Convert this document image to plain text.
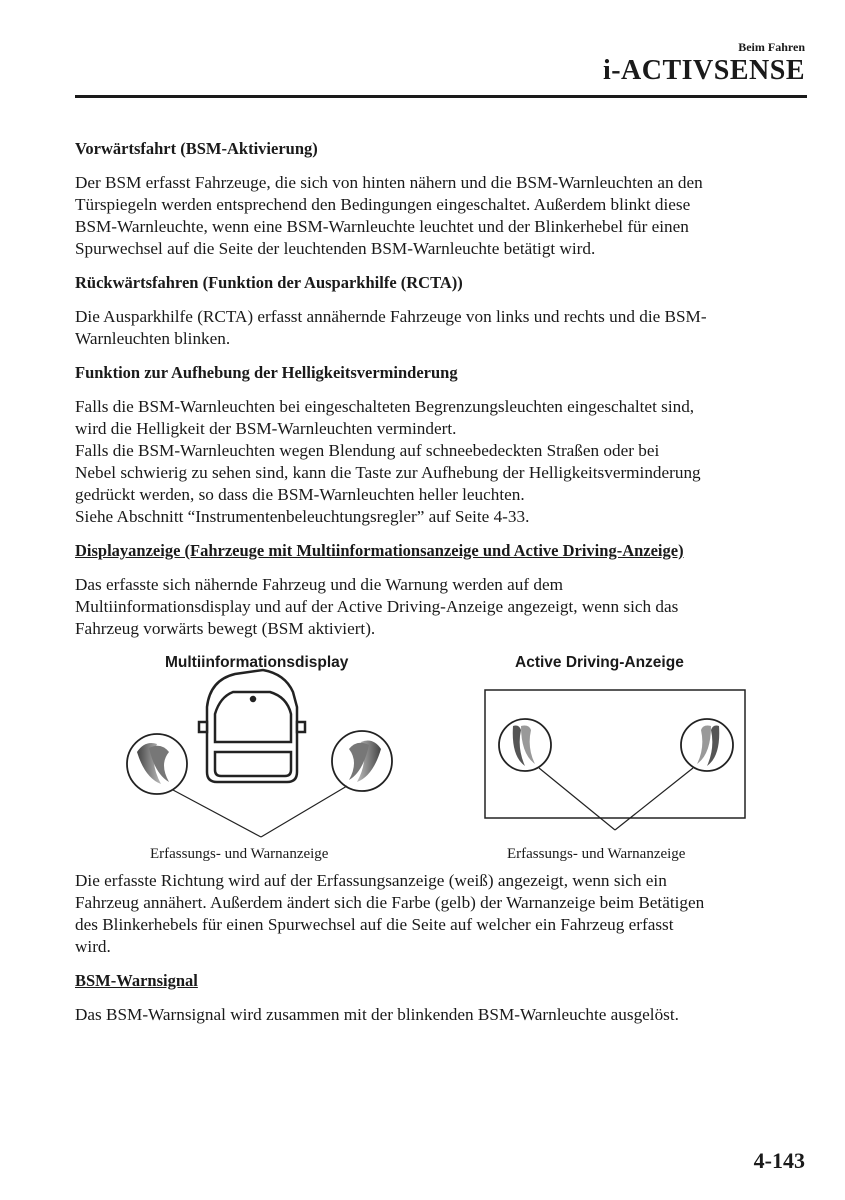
Beim Fahren
i-ACTIVSENSE
Vorwärtsfahrt (BSM-Aktivierung)
Der BSM erfasst Fahrzeuge, die sich von hinten nähern und die BSM-Warnleuchten an den
Türspiegeln werden entsprechend den Bedingungen eingeschaltet. Außerdem blinkt diese
BSM-Warnleuchte, wenn eine BSM-Warnleuchte leuchtet und der Blinkerhebel für einen
Spurwechsel auf die Seite der leuchtenden BSM-Warnleuchte betätigt wird.
Rückwärtsfahren (Funktion der Ausparkhilfe (RCTA))
Die Ausparkhilfe (RCTA) erfasst annähernde Fahrzeuge von links und rechts und die BSM-
Warnleuchten blinken.
Funktion zur Aufhebung der Helligkeitsverminderung
Falls die BSM-Warnleuchten bei eingeschalteten Begrenzungsleuchten eingeschaltet sind,
wird die Helligkeit der BSM-Warnleuchten vermindert.
Falls die BSM-Warnleuchten wegen Blendung auf schneebedeckten Straßen oder bei
Nebel schwierig zu sehen sind, kann die Taste zur Aufhebung der Helligkeitsverminderung
gedrückt werden, so dass die BSM-Warnleuchten heller leuchten.
Siehe Abschnitt “Instrumentenbeleuchtungsregler” auf Seite 4-33.
Displayanzeige (Fahrzeuge mit Multiinformationsanzeige und Active Driving-Anzeige)
Das erfasste sich nähernde Fahrzeug und die Warnung werden auf dem
Multiinformationsdisplay und auf der Active Driving-Anzeige angezeigt, wenn sich das
Fahrzeug vorwärts bewegt (BSM aktiviert).
Multiinformationsdisplay	Active Driving-Anzeige
Erfassungs- und Warnanzeige	Erfassungs- und Warnanzeige
Die erfasste Richtung wird auf der Erfassungsanzeige (weiß) angezeigt, wenn sich ein
Fahrzeug annähert. Außerdem ändert sich die Farbe (gelb) der Warnanzeige beim Betätigen
des Blinkerhebels für einen Spurwechsel auf die Seite auf welcher ein Fahrzeug erfasst
wird.
BSM-Warnsignal
Das BSM-Warnsignal wird zusammen mit der blinkenden BSM-Warnleuchte ausgelöst.
4-143
